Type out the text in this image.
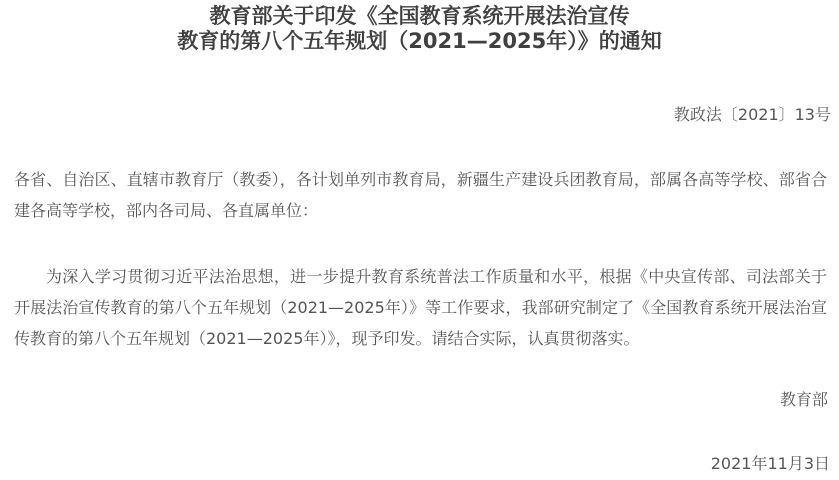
教育部关于印发《全国教育系统开展法治宣传
教育的第八个五年规划（2021—2025年）》的通知
教政法〔2021〕13号

各省、自治区、直辖市教育厅（教委），各计划单列市教育局，新疆生产建设兵团教育局，部属各高等学校、部省合建各高等学校，部内各司局、各直属单位：

为深入学习贯彻习近平法治思想，进一步提升教育系统普法工作质量和水平，根据《中央宣传部、司法部关于开展法治宣传教育的第八个五年规划（2021—2025年）》等工作要求，我部研究制定了《全国教育系统开展法治宣传教育的第八个五年规划（2021—2025年）》，现予印发。请结合实际，认真贯彻落实。

教育部
2021年11月3日
